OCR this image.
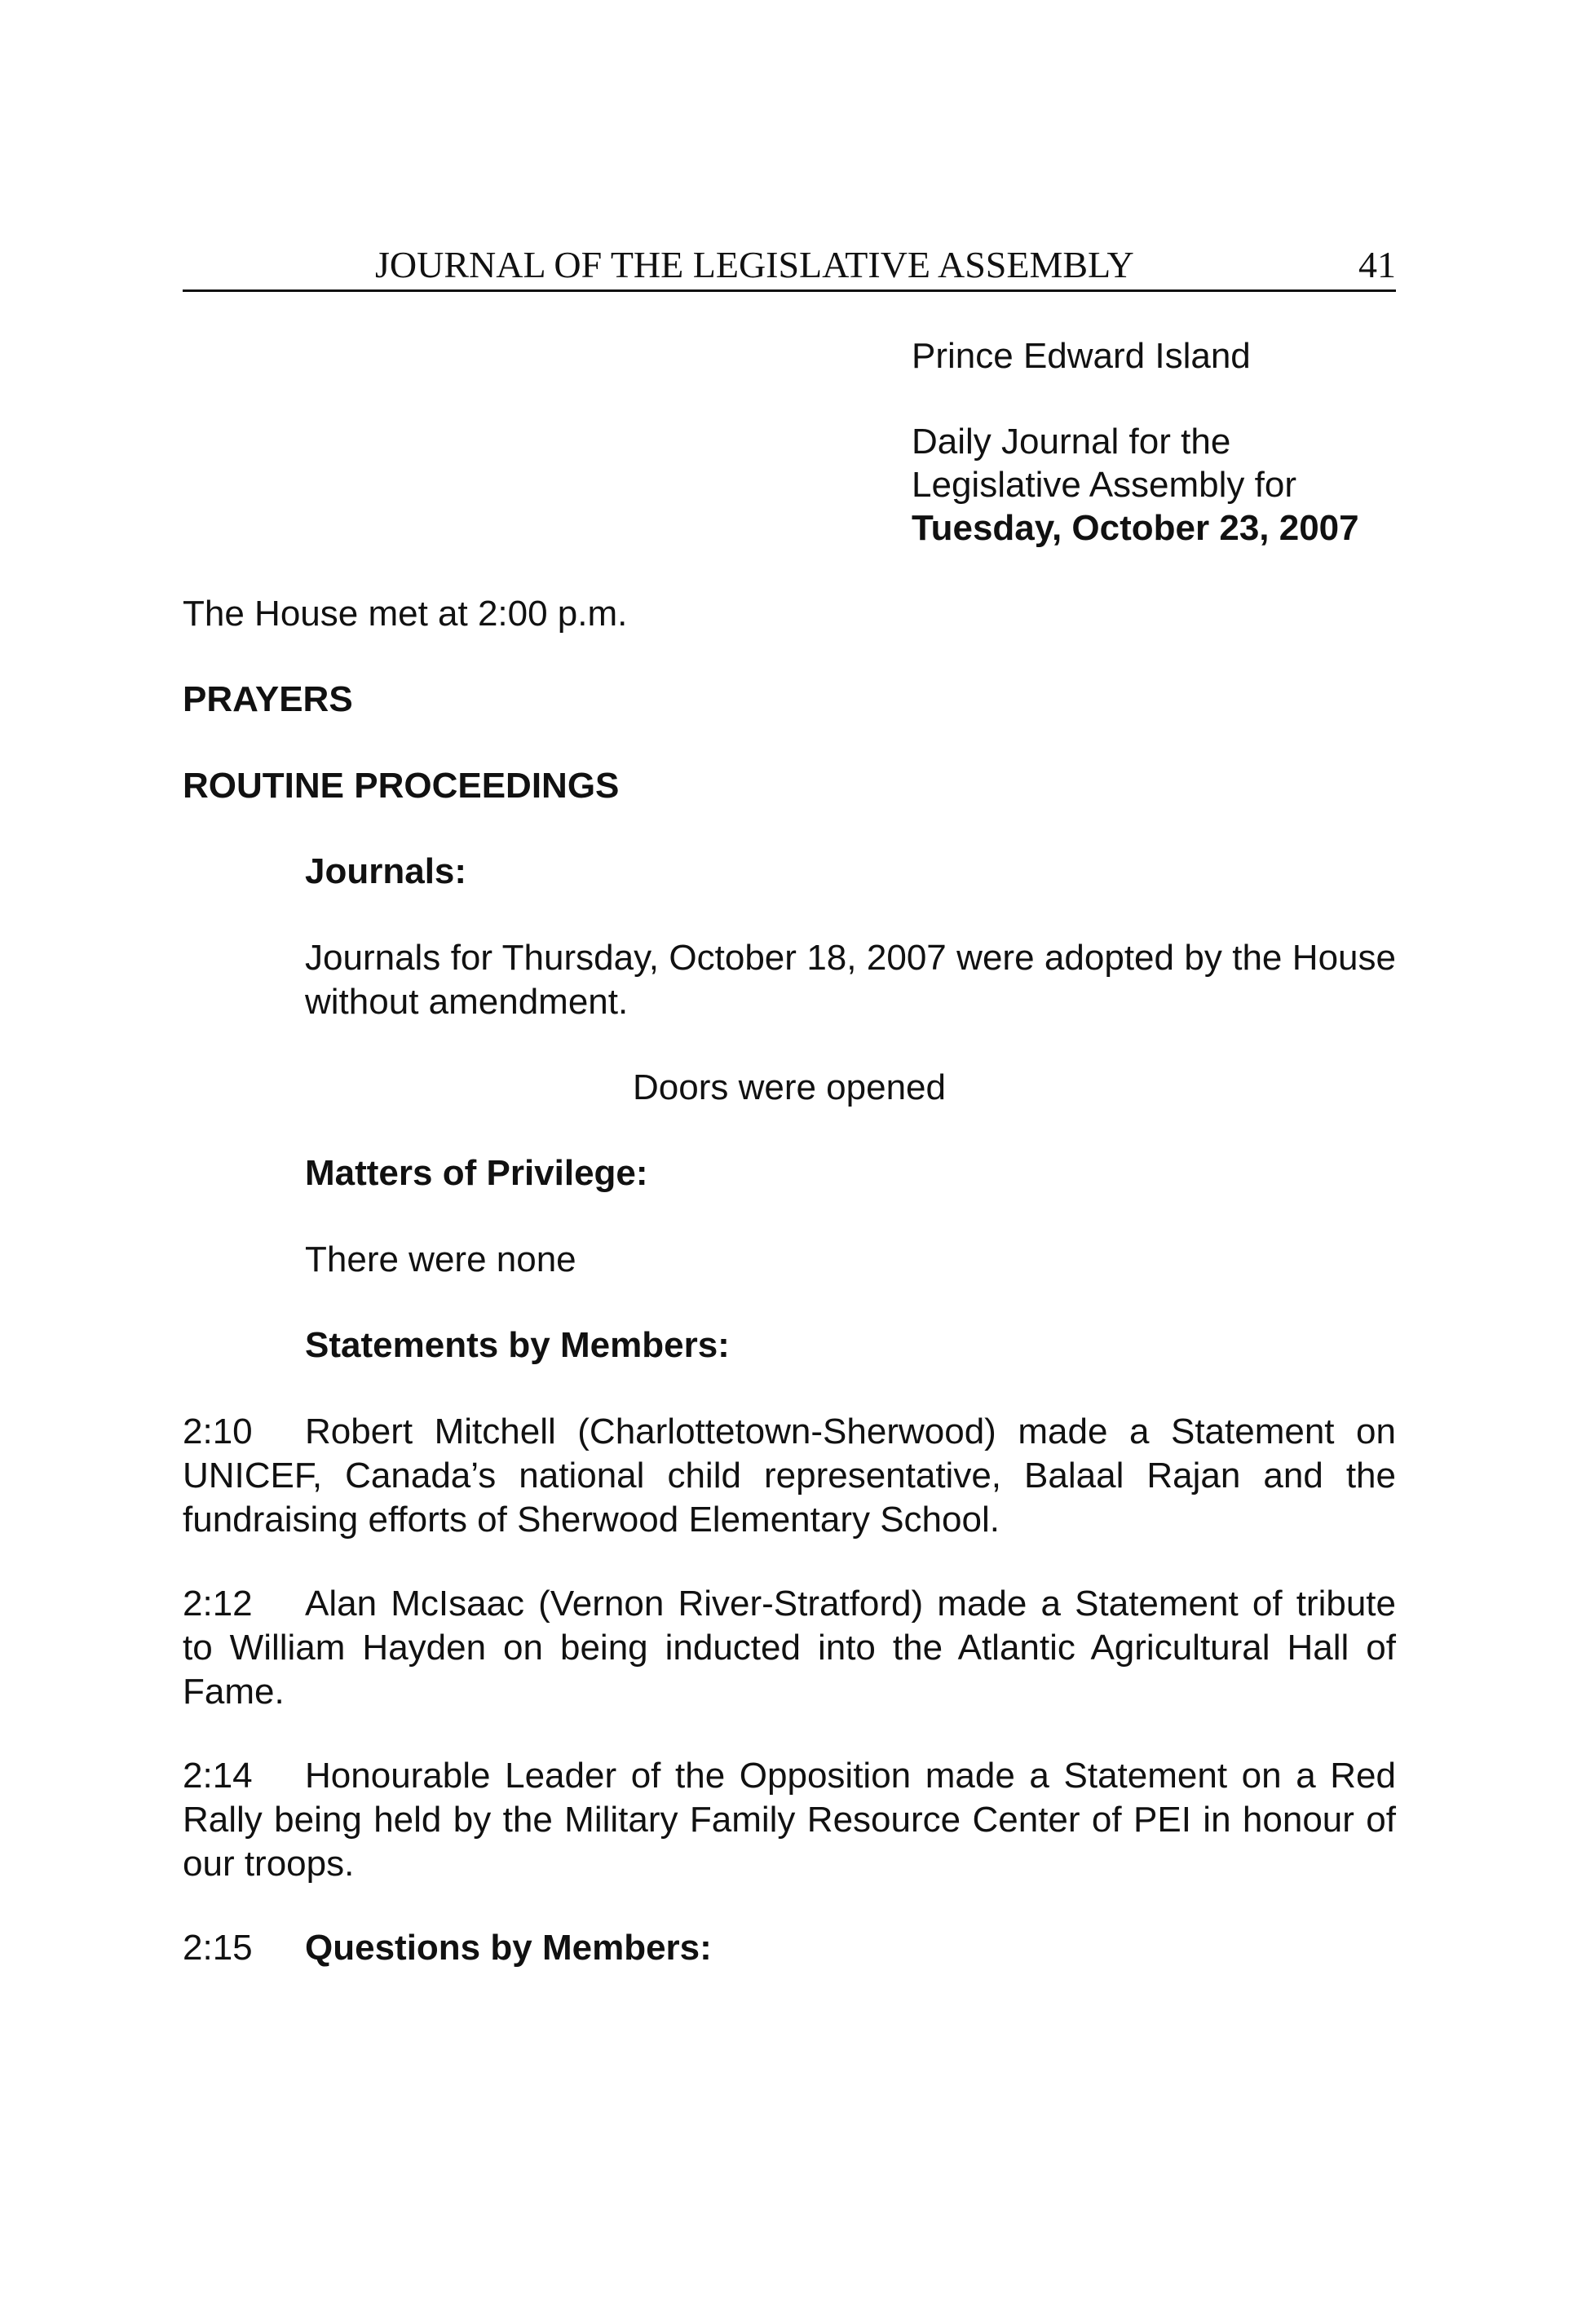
JOURNAL OF THE LEGISLATIVE ASSEMBLY	41
Prince Edward Island
Daily Journal for the
Legislative Assembly for
Tuesday, October 23, 2007
The House met at 2:00 p.m.
PRAYERS
ROUTINE PROCEEDINGS
Journals:
Journals for Thursday, October 18, 2007 were adopted by the House without amendment.
Doors were opened
Matters of Privilege:
There were none
Statements by Members:
2:10 Robert Mitchell (Charlottetown-Sherwood) made a Statement on UNICEF, Canada’s national child representative, Balaal Rajan and the fundraising efforts of Sherwood Elementary School.
2:12 Alan McIsaac (Vernon River-Stratford) made a Statement of tribute to William Hayden on being inducted into the Atlantic Agricultural Hall of Fame.
2:14 Honourable Leader of the Opposition made a Statement on a Red Rally being held by the Military Family Resource Center of PEI in honour of our troops.
2:15 Questions by Members:
